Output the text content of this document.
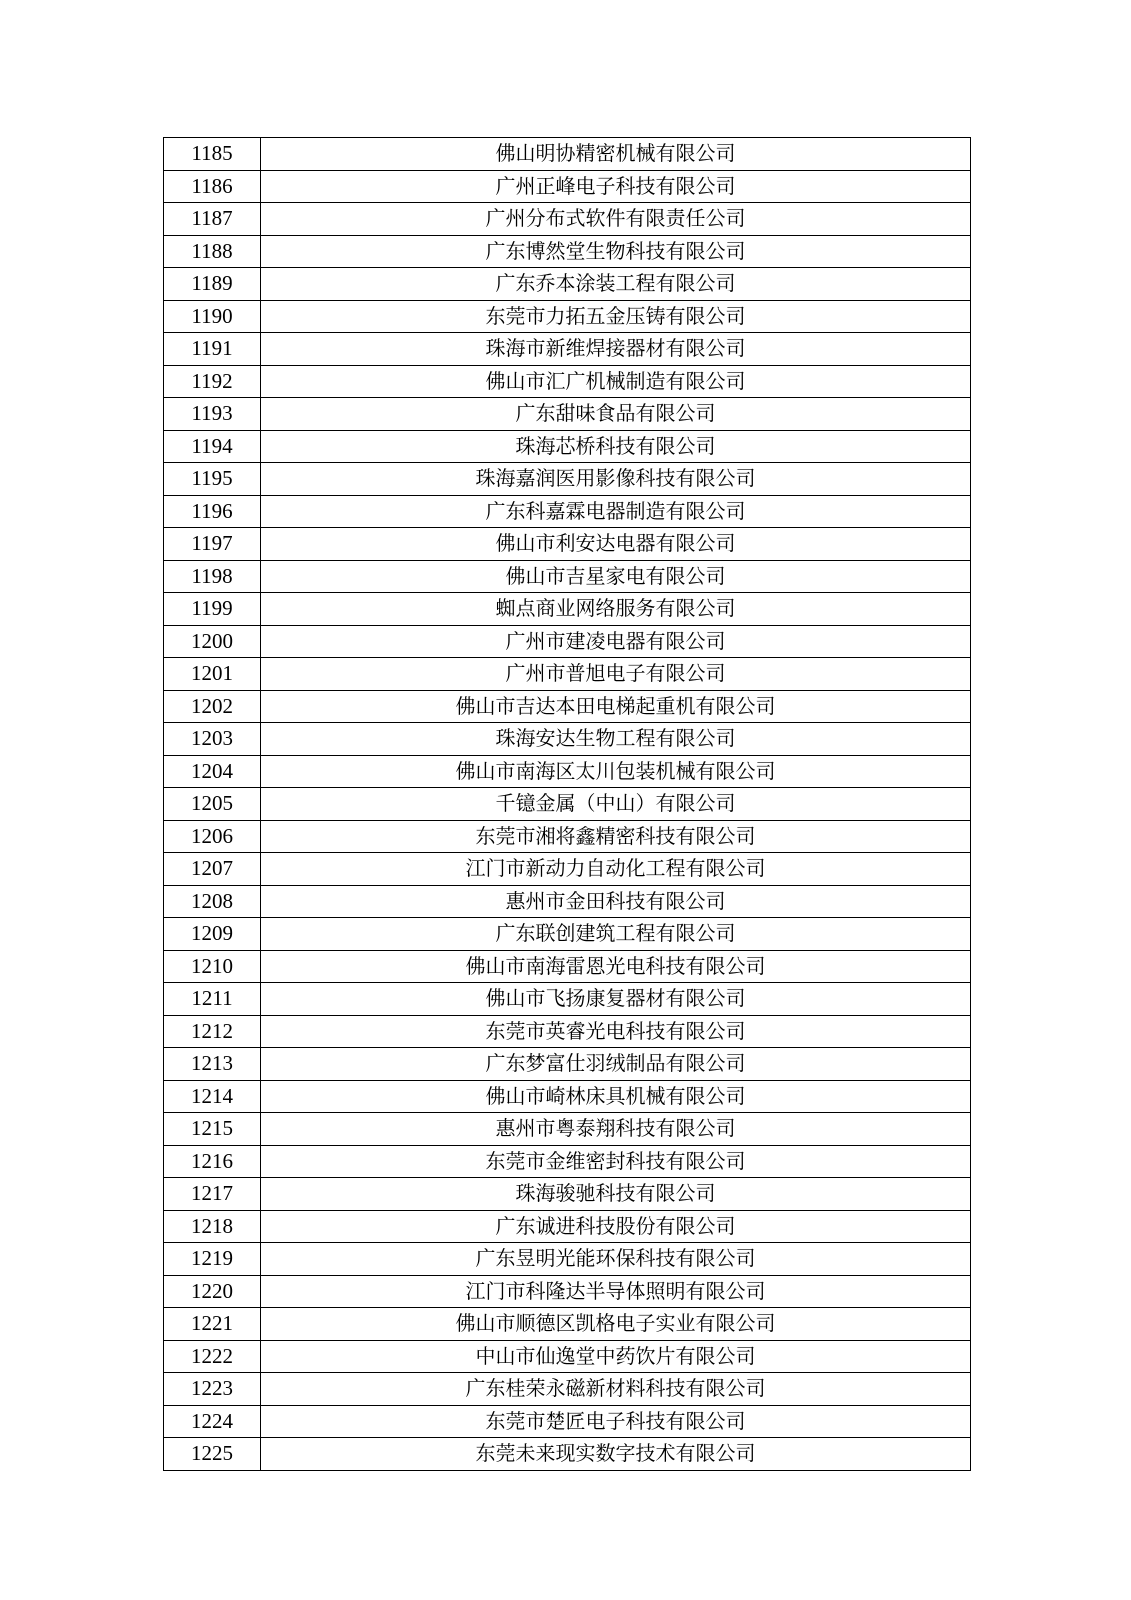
1185	佛山明协精密机械有限公司
1186	广州正峰电子科技有限公司
1187	广州分布式软件有限责任公司
1188	广东博然堂生物科技有限公司
1189	广东乔本涂装工程有限公司
1190	东莞市力拓五金压铸有限公司
1191	珠海市新维焊接器材有限公司
1192	佛山市汇广机械制造有限公司
1193	广东甜味食品有限公司
1194	珠海芯桥科技有限公司
1195	珠海嘉润医用影像科技有限公司
1196	广东科嘉霖电器制造有限公司
1197	佛山市利安达电器有限公司
1198	佛山市吉星家电有限公司
1199	蜘点商业网络服务有限公司
1200	广州市建凌电器有限公司
1201	广州市普旭电子有限公司
1202	佛山市吉达本田电梯起重机有限公司
1203	珠海安达生物工程有限公司
1204	佛山市南海区太川包装机械有限公司
1205	千镱金属（中山）有限公司
1206	东莞市湘将鑫精密科技有限公司
1207	江门市新动力自动化工程有限公司
1208	惠州市金田科技有限公司
1209	广东联创建筑工程有限公司
1210	佛山市南海雷恩光电科技有限公司
1211	佛山市飞扬康复器材有限公司
1212	东莞市英睿光电科技有限公司
1213	广东梦富仕羽绒制品有限公司
1214	佛山市崎林床具机械有限公司
1215	惠州市粤泰翔科技有限公司
1216	东莞市金维密封科技有限公司
1217	珠海骏驰科技有限公司
1218	广东诚进科技股份有限公司
1219	广东昱明光能环保科技有限公司
1220	江门市科隆达半导体照明有限公司
1221	佛山市顺德区凯格电子实业有限公司
1222	中山市仙逸堂中药饮片有限公司
1223	广东桂荣永磁新材料科技有限公司
1224	东莞市楚匠电子科技有限公司
1225	东莞未来现实数字技术有限公司
